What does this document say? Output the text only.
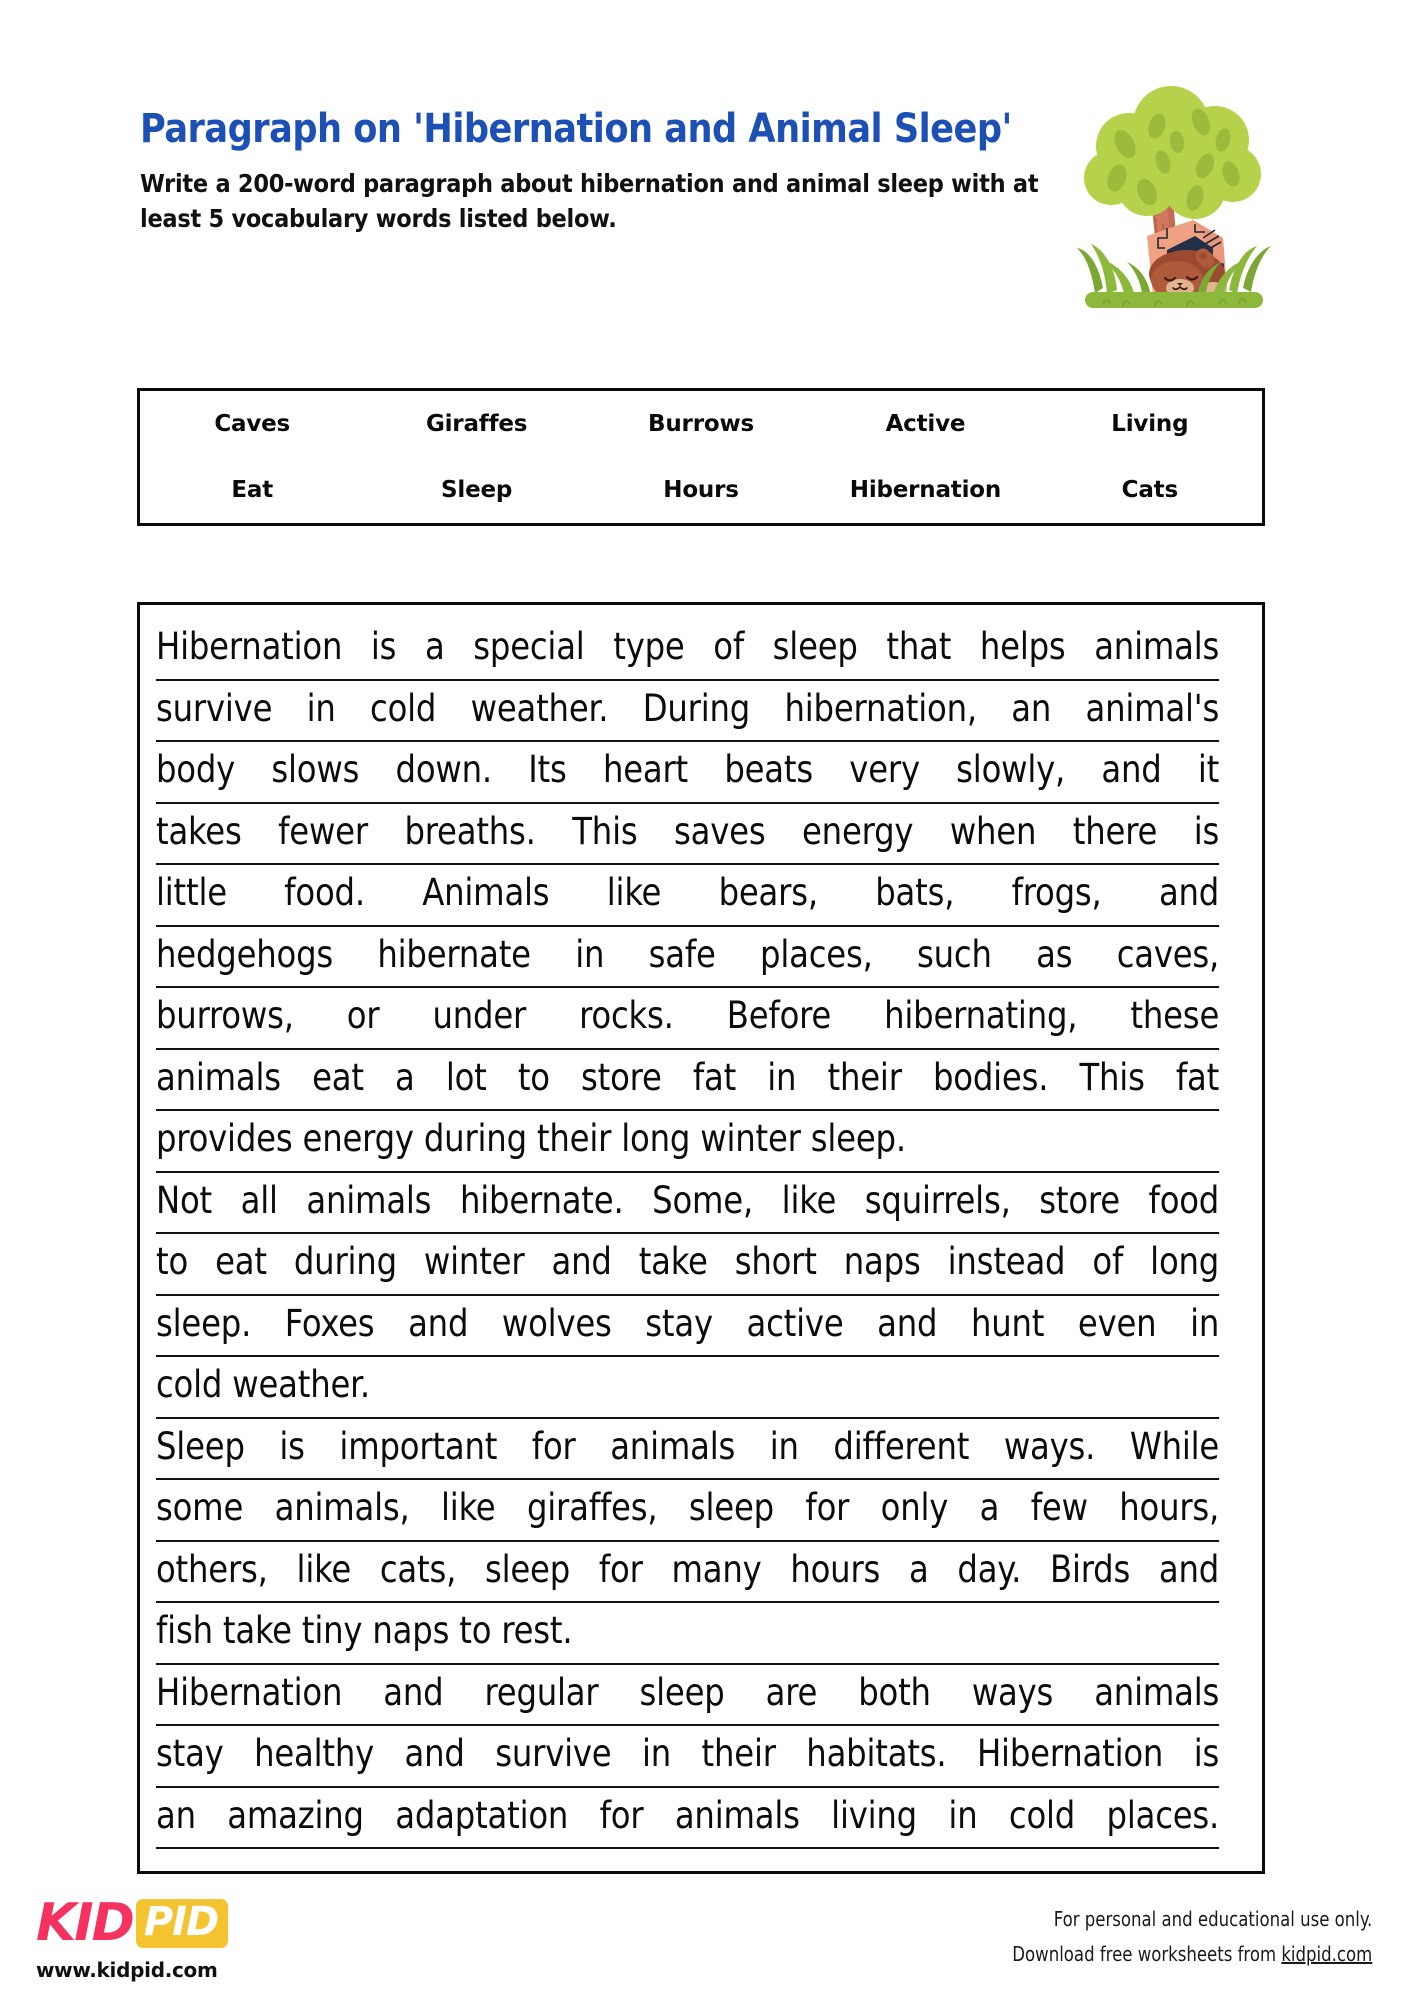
Paragraph on 'Hibernation and Animal Sleep'

Write a 200-word paragraph about hibernation and animal sleep with at least 5 vocabulary words listed below.

Caves	Giraffes	Burrows	Active	Living
Eat	Sleep	Hours	Hibernation	Cats
Hibernation is a special type of sleep that helps animals
survive in cold weather. During hibernation, an animal's
body slows down. Its heart beats very slowly, and it
takes fewer breaths. This saves energy when there is
little food. Animals like bears, bats, frogs, and
hedgehogs hibernate in safe places, such as caves,
burrows, or under rocks. Before hibernating, these
animals eat a lot to store fat in their bodies. This fat
provides energy during their long winter sleep.
Not all animals hibernate. Some, like squirrels, store food
to eat during winter and take short naps instead of long
sleep. Foxes and wolves stay active and hunt even in
cold weather.
Sleep is important for animals in different ways. While
some animals, like giraffes, sleep for only a few hours,
others, like cats, sleep for many hours a day. Birds and
fish take tiny naps to rest.
Hibernation and regular sleep are both ways animals
stay healthy and survive in their habitats. Hibernation is
an amazing adaptation for animals living in cold places.
KID PID
www.kidpid.com
For personal and educational use only.
Download free worksheets from kidpid.com
